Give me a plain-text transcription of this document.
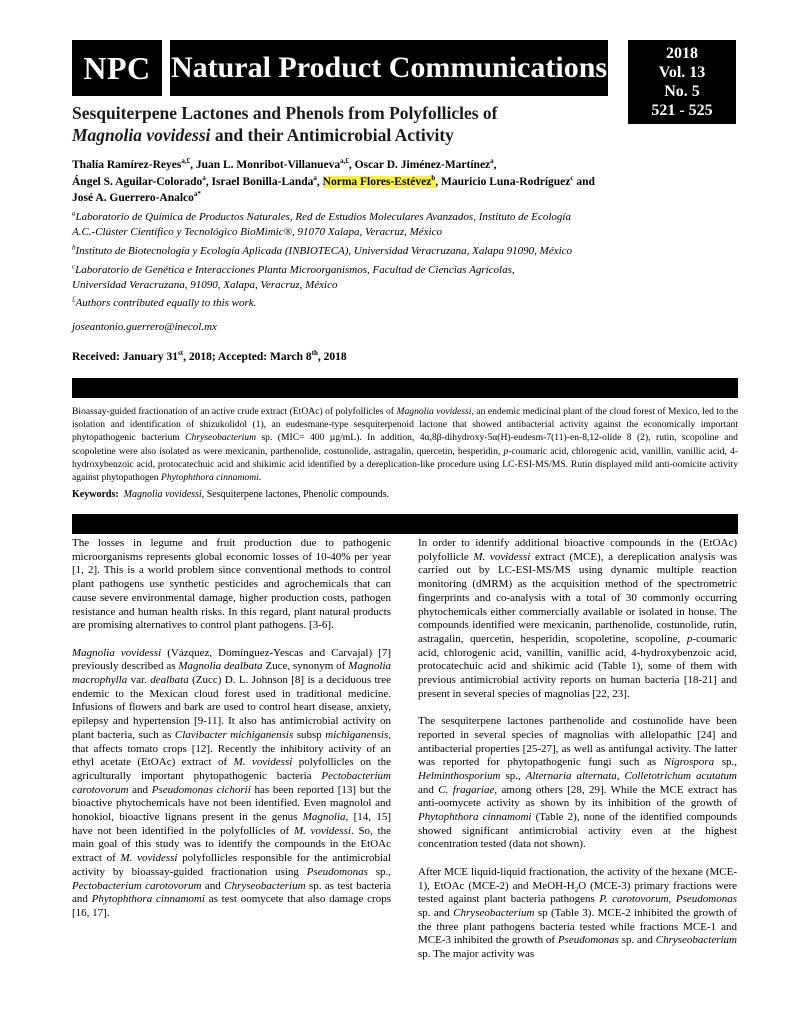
NPC Natural Product Communications	2018
Vol. 13
No. 5
521 - 525
Sesquiterpene Lactones and Phenols from Polyfollicles of
Magnolia vovidessi and their Antimicrobial Activity
Thalía Ramírez-Reyes$^{a,£}$, Juan L. Monribot-Villanueva$^{a,£}$, Oscar D. Jiménez-Martínez$^a$,
Ángel S. Aguilar-Colorado$^a$, Israel Bonilla-Landa$^a$, Norma Flores-Estévez$^b$, Mauricio Luna-Rodríguez$^c$ and
José A. Guerrero-Analco$^{a*}$

$^a$Laboratorio de Química de Productos Naturales, Red de Estudios Moleculares Avanzados, Instituto de Ecología
A.C.-Clúster Científico y Tecnológico BioMimic®, 91070 Xalapa, Veracruz, México

$^b$Instituto de Biotecnología y Ecología Aplicada (INBIOTECA), Universidad Veracruzana, Xalapa 91090, México

$^c$Laboratorio de Genética e Interacciones Planta Microorganismos, Facultad de Ciencias Agrícolas,
Universidad Veracruzana, 91090, Xalapa, Veracruz, México

£Authors contributed equally to this work.
joseantonio.guerrero@inecol.mx
Received: January 31st, 2018; Accepted: March 8th, 2018
Bioassay-guided fractionation of an active crude extract (EtOAc) of polyfollicles of Magnolia vovidessi, an endemic medicinal plant of the cloud forest of Mexico, led to the isolation and identification of shizukolidol (1), an eudesmane-type sesquiterpenoid lactone that showed antibacterial activity against the economically important phytopathogenic bacterium Chryseobacterium sp. (MIC= 400 µg/mL). In addition, 4α,8β-dihydroxy-5α(H)-eudesm-7(11)-en-8,12-olide 8 (2), rutin, scopoline and scopoletine were also isolated as were mexicanin, parthenolide, costunolide, astragalin, quercetin, hesperidin, p-coumaric acid, chlorogenic acid, vanillin, vanillic acid, 4-hydroxybenzoic acid, protocatechuic acid and shikimic acid identified by a dereplication-like procedure using LC-ESI-MS/MS. Rutin displayed mild anti-oomicite activity against phytopathogen Phytophthora cinnamomi.
Keywords: Magnolia vovidessi, Sesquiterpene lactones, Phenolic compounds.

The losses in legume and fruit production due to pathogenic microorganisms represents global economic losses of 10-40% per year [1, 2]. This is a world problem since conventional methods to control plant pathogens use synthetic pesticides and agrochemicals that can cause severe environmental damage, higher production costs, pathogen resistance and human health risks. In this regard, plant natural products are promising alternatives to control plant pathogens. [3-6].

Magnolia vovidessi (Vázquez, Domínguez-Yescas and Carvajal) [7] previously described as Magnolia dealbata Zuce, synonym of Magnolia macrophylla var. dealbata (Zucc) D. L. Johnson [8] is a deciduous tree endemic to the Mexican cloud forest used in traditional medicine. Infusions of flowers and bark are used to control heart disease, anxiety, epilepsy and hypertension [9-11]. It also has antimicrobial activity on plant bacteria, such as Clavibacter michiganensis subsp michiganensis, that affects tomato crops [12]. Recently the inhibitory activity of an ethyl acetate (EtOAc) extract of M. vovidessi polyfollicles on the agriculturally important phytopathogenic bacteria Pectobacterium carotovorum and Pseudomonas cichorii has been reported [13] but the bioactive phytochemicals have not been identified. Even magnolol and honokiol, bioactive lignans present in the genus Magnolia, [14, 15] have not been identified in the polyfollicles of M. vovidessi. So, the main goal of this study was to identify the compounds in the EtOAc extract of M. vovidessi polyfollicles responsible for the antimicrobial activity by bioassay-guided fractionation using Pseudomonas sp., Pectobacterium carotovorum and Chryseobacterium sp. as test bacteria and Phytophthora cinnamomi as test oomycete that also damage crops [16, 17].

In order to identify additional bioactive compounds in the (EtOAc) polyfollicle M. vovidessi extract (MCE), a dereplication analysis was carried out by LC-ESI-MS/MS using dynamic multiple reaction monitoring (dMRM) as the acquisition method of the spectrometric fingerprints and co-analysis with a total of 30 commonly occurring phytochemicals either commercially available or isolated in house. The compounds identified were mexicanin, parthenolide, costunolide, rutin, astragalin, quercetin, hesperidin, scopoletine, scopoline, p-coumaric acid, chlorogenic acid, vanillin, vanillic acid, 4-hydroxybenzoic acid, protocatechuic acid and shikimic acid (Table 1), some of them with previous antimicrobial activity reports on human bacteria [18-21] and present in several species of magnolias [22, 23].

The sesquiterpene lactones parthenolide and costunolide have been reported in several species of magnolias with allelopathic [24] and antibacterial properties [25-27], as well as antifungal activity. The latter was reported for phytopathogenic fungi such as Nigrospora sp., Helminthosporium sp., Alternaria alternata, Colletotrichum acutatum and C. fragariae, among others [28, 29]. While the MCE extract has anti-oomycete activity as shown by its inhibition of the growth of Phytophthora cinnamomi (Table 2), none of the identified compounds showed significant antimicrobial activity even at the highest concentration tested (data not shown).

After MCE liquid-liquid fractionation, the activity of the hexane (MCE-1), EtOAc (MCE-2) and MeOH-$H_2O$ (MCE-3) primary fractions were tested against plant bacteria pathogens P. carotovorum, Pseudomonas sp. and Chryseobacterium sp (Table 3). MCE-2 inhibited the growth of the three plant pathogens bacteria tested while fractions MCE-1 and MCE-3 inhibited the growth of Pseudomonas sp. and Chryseobacterium sp. The major activity was
